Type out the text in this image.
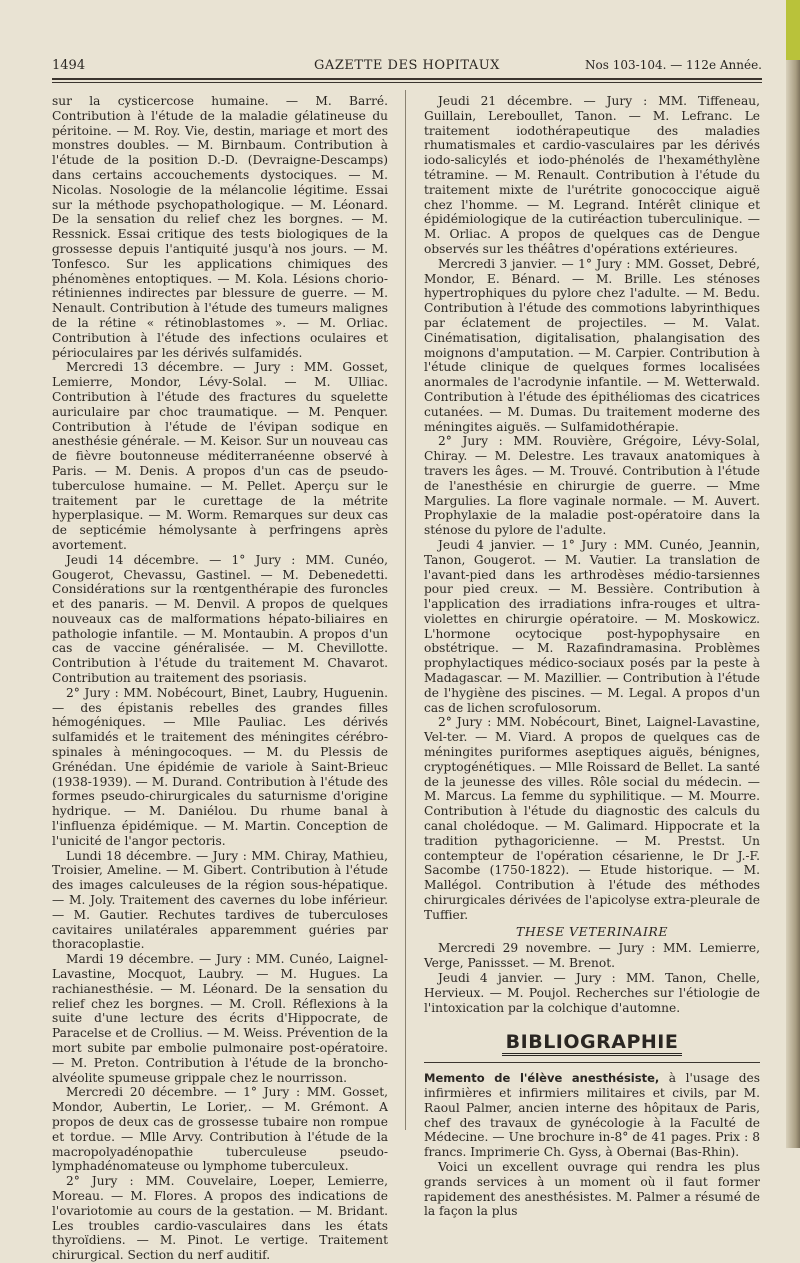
1494	GAZETTE DES HOPITAUX	Nos 103-104. — 112e Année.

sur la cysticercose humaine. — M. Barré. Contribution à l'étude de la maladie gélatineuse du péritoine. — M. Roy. Vie, destin, mariage et mort des monstres doubles. — M. Birnbaum. Contribution à l'étude de la position D.-D. (Devraigne-Descamps) dans certains accouchements dystociques. — M. Nicolas. Nosologie de la mélancolie légitime. Essai sur la méthode psychopathologique. — M. Léonard. De la sensation du relief chez les borgnes. — M. Ressnick. Essai critique des tests biologiques de la grossesse depuis l'antiquité jusqu'à nos jours. — M. Tonfesco. Sur les applications chimiques des phénomènes entoptiques. — M. Kola. Lésions chorio-rétiniennes indirectes par blessure de guerre. — M. Nenault. Contribution à l'étude des tumeurs malignes de la rétine « rétinoblastomes ». — M. Orliac. Contribution à l'étude des infections oculaires et périoculaires par les dérivés sulfamidés.

Mercredi 13 décembre. — Jury : MM. Gosset, Lemierre, Mondor, Lévy-Solal. — M. Ulliac. Contribution à l'étude des fractures du squelette auriculaire par choc traumatique. — M. Penquer. Contribution à l'étude de l'évipan sodique en anesthésie générale. — M. Keisor. Sur un nouveau cas de fièvre boutonneuse méditerranéenne observé à Paris. — M. Denis. A propos d'un cas de pseudo-tuberculose humaine. — M. Pellet. Aperçu sur le traitement par le curettage de la métrite hyperplasique. — M. Worm. Remarques sur deux cas de septicémie hémolysante à perfringens après avortement.

Jeudi 14 décembre. — 1° Jury : MM. Cunéo, Gougerot, Chevassu, Gastinel. — M. Debenedetti. Considérations sur la rœntgenthérapie des furoncles et des panaris. — M. Denvil. A propos de quelques nouveaux cas de malformations hépato-biliaires en pathologie infantile. — M. Montaubin. A propos d'un cas de vaccine généralisée. — M. Chevillotte. Contribution à l'étude du traitement M. Chavarot. Contribution au traitement des psoriasis.

2° Jury : MM. Nobécourt, Binet, Laubry, Huguenin. — des épistanis rebelles des grandes filles hémogéniques. — Mlle Pauliac. Les dérivés sulfamidés et le traitement des méningites cérébro-spinales à méningocoques. — M. du Plessis de Grénédan. Une épidémie de variole à Saint-Brieuc (1938-1939). — M. Durand. Contribution à l'étude des formes pseudo-chirurgicales du saturnisme d'origine hydrique. — M. Daniélou. Du rhume banal à l'influenza épidémique. — M. Martin. Conception de l'unicité de l'angor pectoris.

Lundi 18 décembre. — Jury : MM. Chiray, Mathieu, Troisier, Ameline. — M. Gibert. Contribution à l'étude des images calculeuses de la région sous-hépatique. — M. Joly. Traitement des cavernes du lobe inférieur. — M. Gautier. Rechutes tardives de tuberculoses cavitaires unilatérales apparemment guéries par thoracoplastie.

Mardi 19 décembre. — Jury : MM. Cunéo, Laignel-Lavastine, Mocquot, Laubry. — M. Hugues. La rachianesthésie. — M. Léonard. De la sensation du relief chez les borgnes. — M. Croll. Réflexions à la suite d'une lecture des écrits d'Hippocrate, de Paracelse et de Crollius. — M. Weiss. Prévention de la mort subite par embolie pulmonaire post-opératoire. — M. Preton. Contribution à l'étude de la broncho-alvéolite spumeuse grippale chez le nourrisson.

Mercredi 20 décembre. — 1° Jury : MM. Gosset, Mondor, Aubertin, Le Lorier,. — M. Grémont. A propos de deux cas de grossesse tubaire non rompue et tordue. — Mlle Arvy. Contribution à l'étude de la macropolyadénopathie tuberculeuse pseudo-lymphadénomateuse ou lymphome tuberculeux.

2° Jury : MM. Couvelaire, Loeper, Lemierre, Moreau. — M. Flores. A propos des indications de l'ovariotomie au cours de la gestation. — M. Bridant. Les troubles cardio-vasculaires dans les états thyroïdiens. — M. Pinot. Le vertige. Traitement chirurgical. Section du nerf auditif.

Jeudi 21 décembre. — Jury : MM. Tiffeneau, Guillain, Lereboullet, Tanon. — M. Lefranc. Le traitement iodothérapeutique des maladies rhumatismales et cardio-vasculaires par les dérivés iodo-salicylés et iodo-phénolés de l'hexaméthylène tétramine. — M. Renault. Contribution à l'étude du traitement mixte de l'urétrite gonococcique aiguë chez l'homme. — M. Legrand. Intérêt clinique et épidémiologique de la cutiréaction tuberculinique. — M. Orliac. A propos de quelques cas de Dengue observés sur les théâtres d'opérations extérieures.

Mercredi 3 janvier. — 1° Jury : MM. Gosset, Debré, Mondor, E. Bénard. — M. Brille. Les sténoses hypertrophiques du pylore chez l'adulte. — M. Bedu. Contribution à l'étude des commotions labyrinthiques par éclatement de projectiles. — M. Valat. Cinématisation, digitalisation, phalangisation des moignons d'amputation. — M. Carpier. Contribution à l'étude clinique de quelques formes localisées anormales de l'acrodynie infantile. — M. Wetterwald. Contribution à l'étude des épithéliomas des cicatrices cutanées. — M. Dumas. Du traitement moderne des méningites aiguës. — Sulfamidothérapie.

2° Jury : MM. Rouvière, Grégoire, Lévy-Solal, Chiray. — M. Delestre. Les travaux anatomiques à travers les âges. — M. Trouvé. Contribution à l'étude de l'anesthésie en chirurgie de guerre. — Mme Margulies. La flore vaginale normale. — M. Auvert. Prophylaxie de la maladie post-opératoire dans la sténose du pylore de l'adulte.

Jeudi 4 janvier. — 1° Jury : MM. Cunéo, Jeannin, Tanon, Gougerot. — M. Vautier. La translation de l'avant-pied dans les arthrodèses médio-tarsiennes pour pied creux. — M. Bessière. Contribution à l'application des irradiations infra-rouges et ultra-violettes en chirurgie opératoire. — M. Moskowicz. L'hormone ocytocique post-hypophysaire en obstétrique. — M. Razafindramasina. Problèmes prophylactiques médico-sociaux posés par la peste à Madagascar. — M. Mazillier. — Contribution à l'étude de l'hygiène des piscines. — M. Legal. A propos d'un cas de lichen scrofulosorum.

2° Jury : MM. Nobécourt, Binet, Laignel-Lavastine, Vel-ter. — M. Viard. A propos de quelques cas de méningites puriformes aseptiques aiguës, bénignes, cryptogénétiques. — Mlle Roissard de Bellet. La santé de la jeunesse des villes. Rôle social du médecin. — M. Marcus. La femme du syphilitique. — M. Mourre. Contribution à l'étude du diagnostic des calculs du canal cholédoque. — M. Galimard. Hippocrate et la tradition pythagoricienne. — M. Prestst. Un contempteur de l'opération césarienne, le Dr J.-F. Sacombe (1750-1822). — Etude historique. — M. Mallégol. Contribution à l'étude des méthodes chirurgicales dérivées de l'apicolyse extra-pleurale de Tuffier.

THESE VETERINAIRE

Mercredi 29 novembre. — Jury : MM. Lemierre, Verge, Panissset. — M. Brenot.

Jeudi 4 janvier. — Jury : MM. Tanon, Chelle, Hervieux. — M. Poujol. Recherches sur l'étiologie de l'intoxication par la colchique d'automne.

BIBLIOGRAPHIE

Memento de l'élève anesthésiste, à l'usage des infirmières et infirmiers militaires et civils, par M. Raoul Palmer, ancien interne des hôpitaux de Paris, chef des travaux de gynécologie à la Faculté de Médecine. — Une brochure in-8° de 41 pages. Prix : 8 francs. Imprimerie Ch. Gyss, à Obernai (Bas-Rhin).

Voici un excellent ouvrage qui rendra les plus grands services à un moment où il faut former rapidement des anesthésistes. M. Palmer a résumé de la façon la plus
